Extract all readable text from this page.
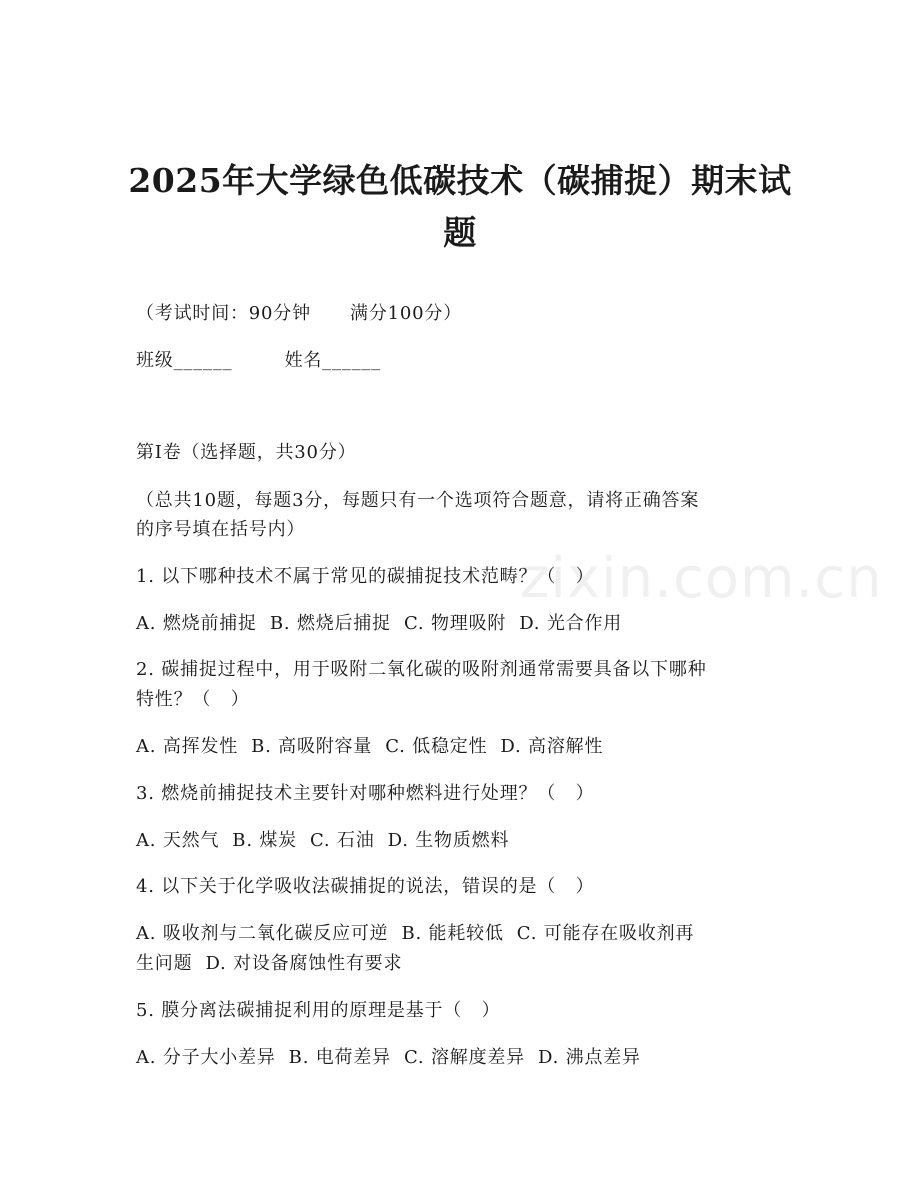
zixin.com.cn
2025年大学绿色低碳技术（碳捕捉）期末试
题
（考试时间：90分钟      满分100分）
班级______        姓名______
第I卷（选择题，共30分）
（总共10题，每题3分，每题只有一个选项符合题意，请将正确答案
的序号填在括号内）
1. 以下哪种技术不属于常见的碳捕捉技术范畴？（   ）
A. 燃烧前捕捉  B. 燃烧后捕捉  C. 物理吸附  D. 光合作用
2. 碳捕捉过程中，用于吸附二氧化碳的吸附剂通常需要具备以下哪种
特性？（   ）
A. 高挥发性  B. 高吸附容量  C. 低稳定性  D. 高溶解性
3. 燃烧前捕捉技术主要针对哪种燃料进行处理？（   ）
A. 天然气  B. 煤炭  C. 石油  D. 生物质燃料
4. 以下关于化学吸收法碳捕捉的说法，错误的是（   ）
A. 吸收剂与二氧化碳反应可逆  B. 能耗较低  C. 可能存在吸收剂再
生问题  D. 对设备腐蚀性有要求
5. 膜分离法碳捕捉利用的原理是基于（   ）
A. 分子大小差异  B. 电荷差异  C. 溶解度差异  D. 沸点差异
